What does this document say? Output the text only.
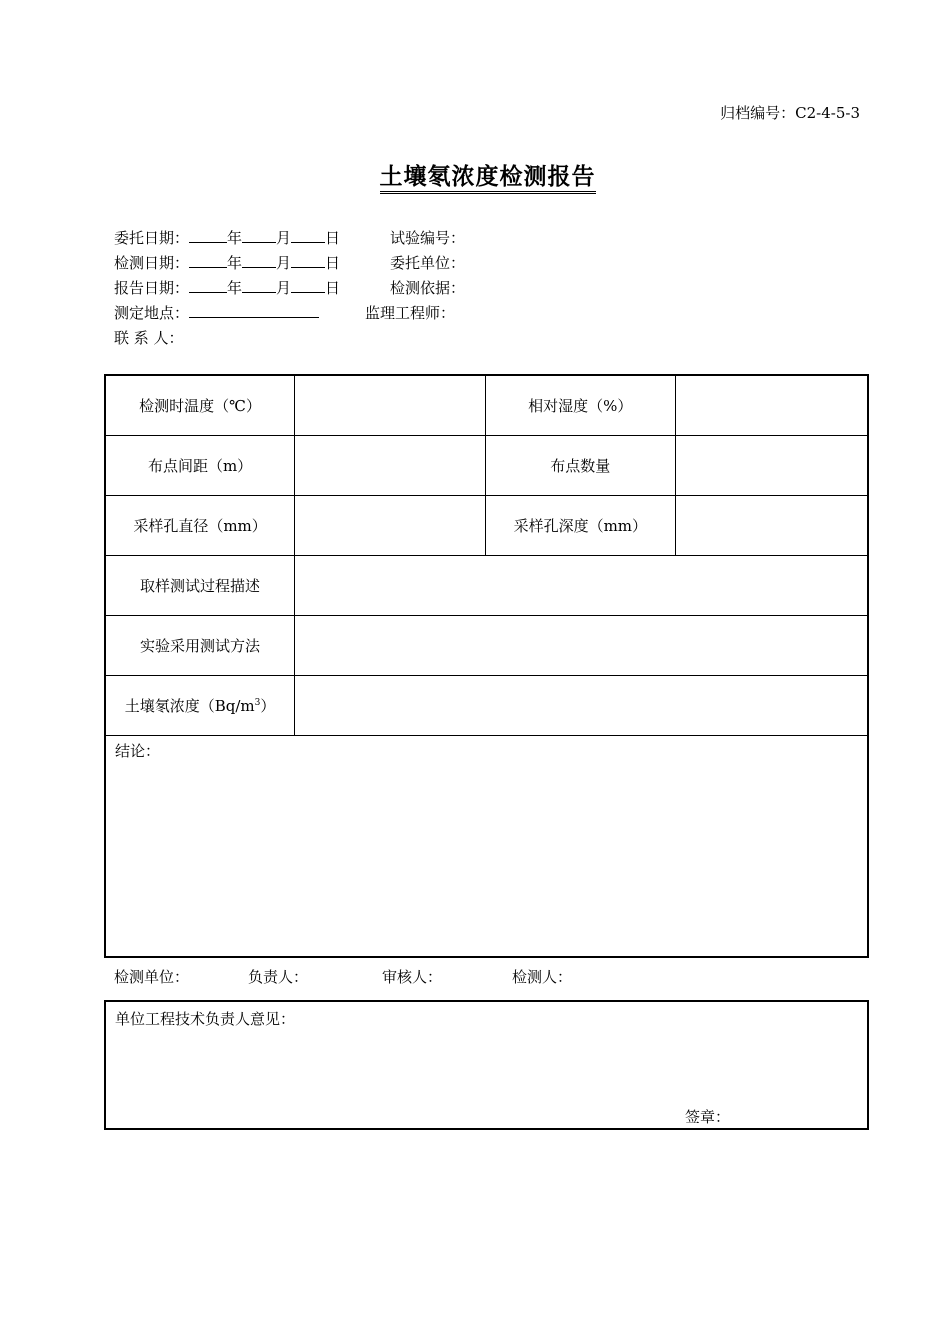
归档编号：C2-4-5-3
土壤氡浓度检测报告
委托日期：	年 月 日	试验编号：
检测日期：	年 月 日	委托单位：
报告日期：	年 月 日	检测依据：
测定地点：	监理工程师：
联 系 人：
检测时温度（℃）		相对湿度（%）	
布点间距（m）		布点数量	
采样孔直径（mm）		采样孔深度（mm）	
取样测试过程描述			
实验采用测试方法			
土壤氡浓度$(Bq/m^3)$			
结论：			
检测单位：	负责人：	审核人：	检测人：
单位工程技术负责人意见：
签章：
